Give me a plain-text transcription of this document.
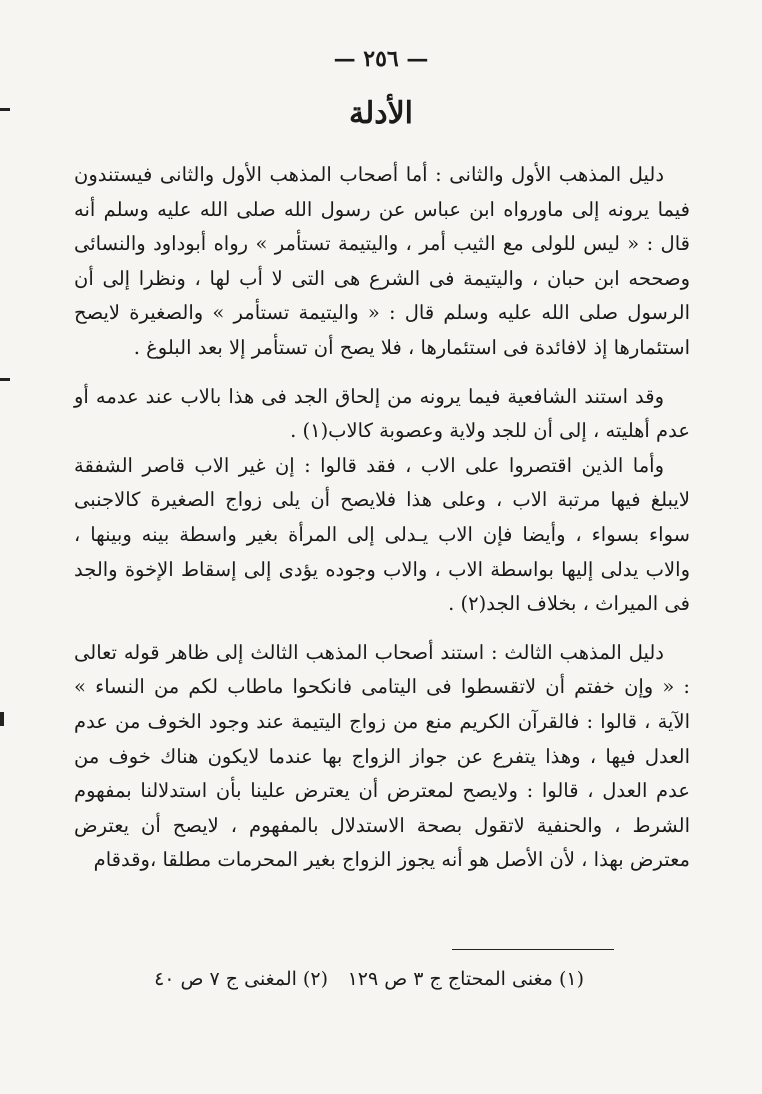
— ٢٥٦ —
الأدلة

دليل المذهب الأول والثانى : أما أصحاب المذهب الأول والثانى فيستندون فيما يرونه إلى ماورواه ابن عباس عن رسول الله صلى الله عليه وسلم أنه قال : « ليس للولى مع الثيب أمر ، واليتيمة تستأمر » رواه أبوداود والنسائى وصححه ابن حبان ، واليتيمة فى الشرع هى التى لا أب لها ، ونظرا إلى أن الرسول صلى الله عليه وسلم قال : « واليتيمة تستأمر » والصغيرة لايصح استئمارها إذ لافائدة فى استئمارها ، فلا يصح أن تستأمر إلا بعد البلوغ .

وقد استند الشافعية فيما يرونه من إلحاق الجد فى هذا بالاب عند عدمه أو عدم أهليته ، إلى أن للجد ولاية وعصوبة كالاب(١) .

وأما الذين اقتصروا على الاب ، فقد قالوا : إن غير الاب قاصر الشفقة لايبلغ فيها مرتبة الاب ، وعلى هذا فلايصح أن يلى زواج الصغيرة كالاجنبى سواء بسواء ، وأيضا فإن الاب يـدلى إلى المرأة بغير واسطة بينه وبينها ، والاب يدلى إليها بواسطة الاب ، والاب وجوده يؤدى إلى إسقاط الإخوة والجد فى الميراث ، بخلاف الجد(٢) .

دليل المذهب الثالث : استند أصحاب المذهب الثالث إلى ظاهر قوله تعالى : « وإن خفتم أن لاتقسطوا فى اليتامى فانكحوا ماطاب لكم من النساء » الآية ، قالوا : فالقرآن الكريم منع من زواج اليتيمة عند وجود الخوف من عدم العدل فيها ، وهذا يتفرع عن جواز الزواج بها عندما لايكون هناك خوف من عدم العدل ، قالوا : ولايصح لمعترض أن يعترض علينا بأن استدلالنا بمفهوم الشرط ، والحنفية لاتقول بصحة الاستدلال بالمفهوم ، لايصح أن يعترض معترض بهذا ، لأن الأصل هو أنه يجوز الزواج بغير المحرمات مطلقا ،وقدقام

(١) مغنى المحتاج ج ٣ ص ١٢٩
(٢) المغنى ج ٧ ص ٤٠
